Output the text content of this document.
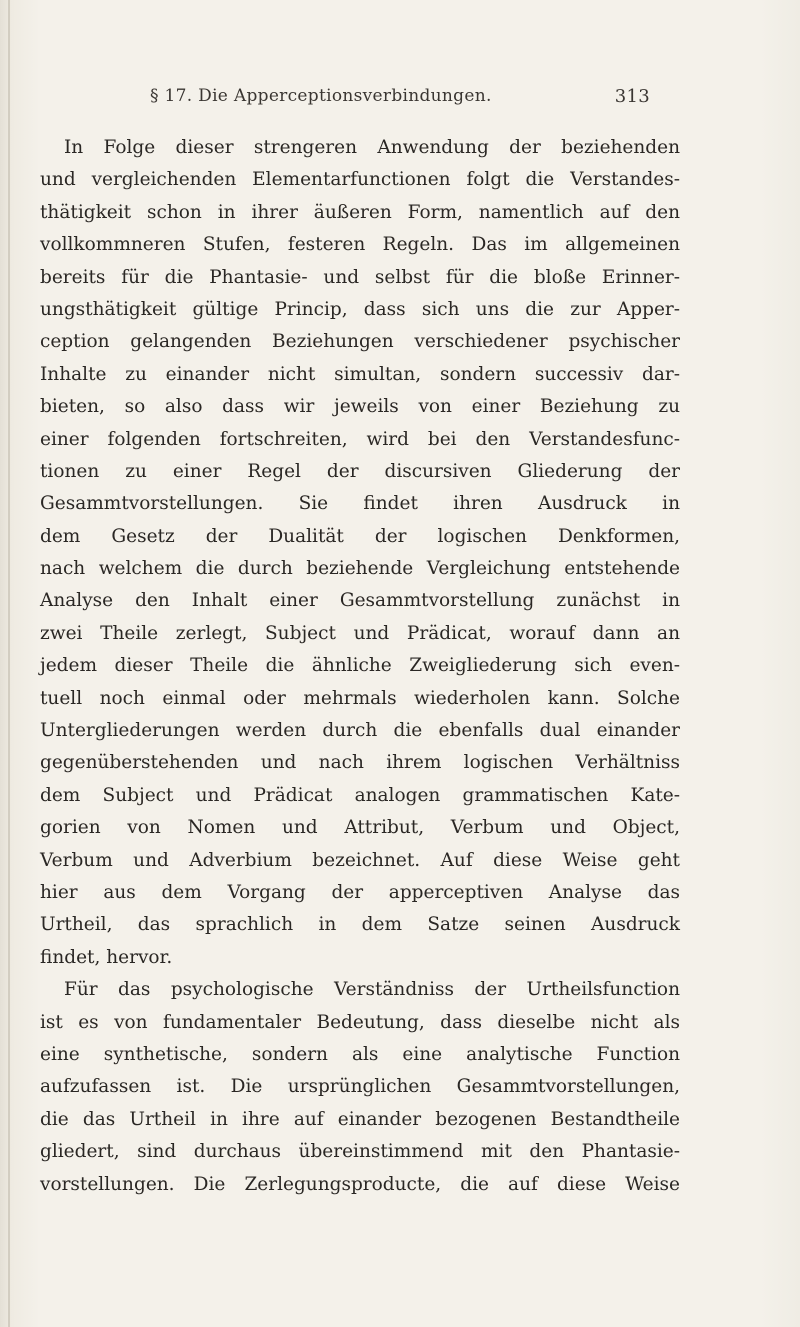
§ 17. Die Apperceptionsverbindungen.	313
In Folge dieser strengeren Anwendung der beziehenden
und vergleichenden Elementarfunctionen folgt die Verstandes-
thätigkeit schon in ihrer äußeren Form, namentlich auf den
vollkommneren Stufen, festeren Regeln. Das im allgemeinen
bereits für die Phantasie- und selbst für die bloße Erinner-
ungsthätigkeit gültige Princip, dass sich uns die zur Apper-
ception gelangenden Beziehungen verschiedener psychischer
Inhalte zu einander nicht simultan, sondern successiv dar-
bieten, so also dass wir jeweils von einer Beziehung zu
einer folgenden fortschreiten, wird bei den Verstandesfunc-
tionen zu einer Regel der discursiven Gliederung der
Gesammtvorstellungen. Sie findet ihren Ausdruck in
dem Gesetz der Dualität der logischen Denkformen,
nach welchem die durch beziehende Vergleichung entstehende
Analyse den Inhalt einer Gesammtvorstellung zunächst in
zwei Theile zerlegt, Subject und Prädicat, worauf dann an
jedem dieser Theile die ähnliche Zweigliederung sich even-
tuell noch einmal oder mehrmals wiederholen kann. Solche
Untergliederungen werden durch die ebenfalls dual einander
gegenüberstehenden und nach ihrem logischen Verhältniss
dem Subject und Prädicat analogen grammatischen Kate-
gorien von Nomen und Attribut, Verbum und Object,
Verbum und Adverbium bezeichnet. Auf diese Weise geht
hier aus dem Vorgang der apperceptiven Analyse das
Urtheil, das sprachlich in dem Satze seinen Ausdruck
findet, hervor.
Für das psychologische Verständniss der Urtheilsfunction
ist es von fundamentaler Bedeutung, dass dieselbe nicht als
eine synthetische, sondern als eine analytische Function
aufzufassen ist. Die ursprünglichen Gesammtvorstellungen,
die das Urtheil in ihre auf einander bezogenen Bestandtheile
gliedert, sind durchaus übereinstimmend mit den Phantasie-
vorstellungen. Die Zerlegungsproducte, die auf diese Weise
